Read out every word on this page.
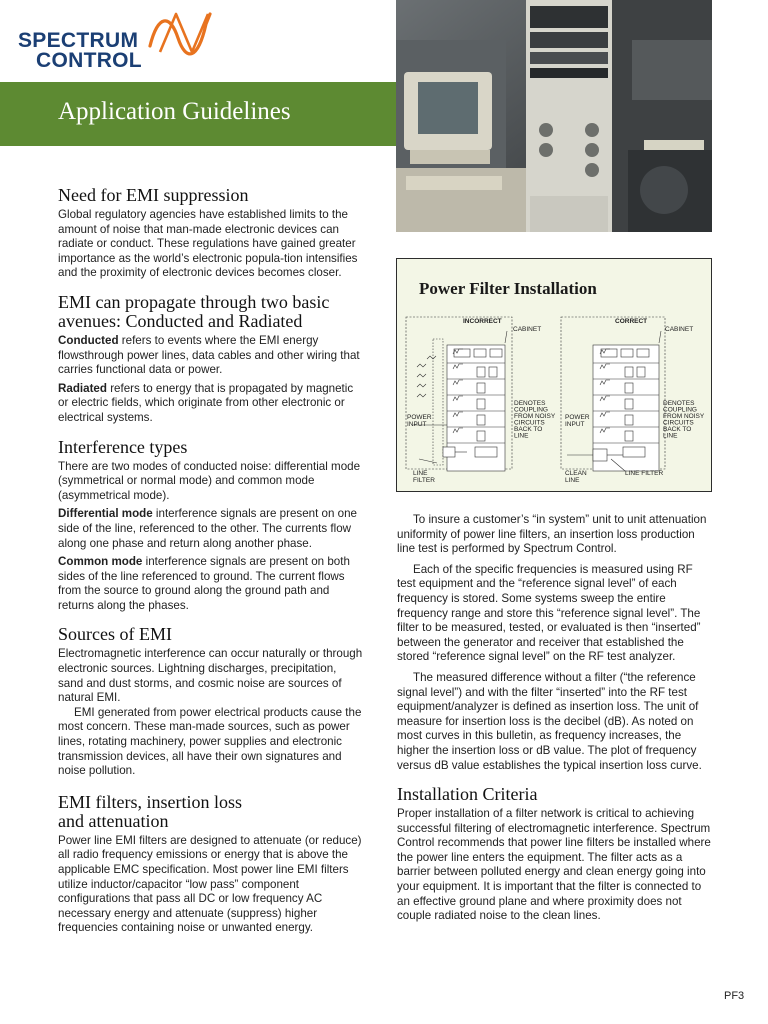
SPECTRUM
CONTROL
Application Guidelines
Need for EMI suppression

Global regulatory agencies have established limits to the amount of noise that man-made electronic devices can radiate or conduct. These regulations have gained greater importance as the world’s electronic popula-tion intensifies and the proximity of electronic devices becomes closer.

EMI can propagate through two basic avenues: Conducted and Radiated

Conducted refers to events where the EMI energy flowsthrough power lines, data cables and other wiring that carries functional data or power.

Radiated refers to energy that is propagated by magnetic or electric fields, which originate from other electronic or electrical systems.

Interference types

There are two modes of conducted noise: differential mode (symmetrical or normal mode) and common mode (asymmetrical mode).

Differential mode interference signals are present on one side of the line, referenced to the other. The currents flow along one phase and return along another phase.

Common mode interference signals are present on both sides of the line referenced to ground. The current flows from the source to ground along the ground path and returns along the phases.

Sources of EMI

Electromagnetic interference can occur naturally or through electronic sources. Lightning discharges, precipitation, sand and dust storms, and cosmic noise are sources of natural EMI.

EMI generated from power electrical products cause the most concern. These man-made sources, such as power lines, rotating machinery, power supplies and electronic transmission devices, all have their own signatures and noise pollution.

EMI filters, insertion loss
and attenuation

Power line EMI filters are designed to attenuate (or reduce) all radio frequency emissions or energy that is above the applicable EMC specification. Most power line EMI filters utilize inductor/capacitor “low pass” component configurations that pass all DC or low frequency AC necessary energy and attenuate (suppress) higher frequencies containing noise or unwanted energy.

Power Filter Installation
INCORRECT	CORRECT
CABINET	CABINET
POWER
INPUT
POWER
INPUT
DENOTES
COUPLING
FROM NOISY
CIRCUITS
BACK TO
LINE
DENOTES
COUPLING
FROM NOISY
CIRCUITS
BACK TO
LINE
LINE
FILTER
CLEAN
LINE
LINE FILTER

To insure a customer’s “in system” unit to unit attenuation uniformity of power line filters, an insertion loss production line test is performed by Spectrum Control.

Each of the specific frequencies is measured using RF test equipment and the “reference signal level” of each frequency is stored. Some systems sweep the entire frequency range and store this “reference signal level”. The filter to be measured, tested, or evaluated is then “inserted” between the generator and receiver that established the stored “reference signal level” on the RF test analyzer.

The measured difference without a filter (“the reference signal level”) and with the filter “inserted” into the RF test equipment/analyzer is defined as insertion loss. The unit of measure for insertion loss is the decibel (dB). As noted on most curves in this bulletin, as frequency increases, the higher the insertion loss or dB value. The plot of frequency versus dB value establishes the typical insertion loss curve.

Installation Criteria

Proper installation of a filter network is critical to achieving successful filtering of electromagnetic interference. Spectrum Control recommends that power line filters be installed where the power line enters the equipment. The filter acts as a barrier between polluted energy and clean energy going into your equipment. It is important that the filter is connected to an effective ground plane and where proximity does not couple radiated noise to the clean lines.

PF3
